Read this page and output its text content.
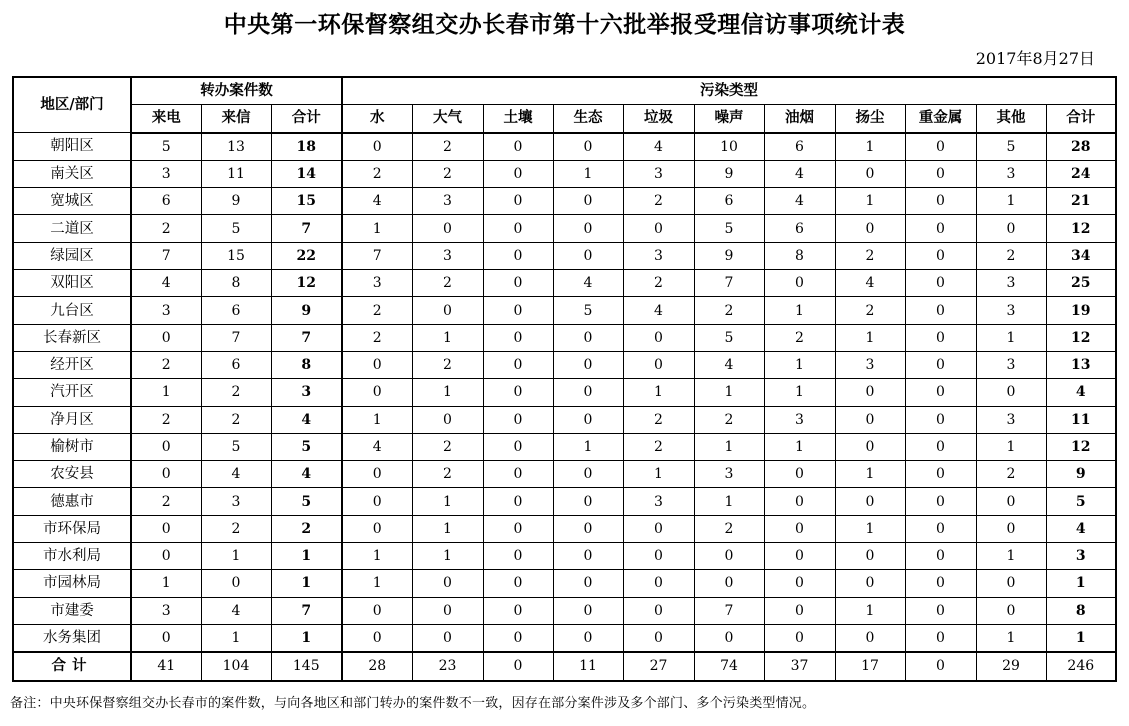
中央第一环保督察组交办长春市第十六批举报受理信访事项统计表
2017年8月27日
地区/部门	转办案件数			污染类型										
	来电	来信	合计	水	大气	土壤	生态	垃圾	噪声	油烟	扬尘	重金属	其他	合计
朝阳区	5	13	18	0	2	0	0	4	10	6	1	0	5	28
南关区	3	11	14	2	2	0	1	3	9	4	0	0	3	24
宽城区	6	9	15	4	3	0	0	2	6	4	1	0	1	21
二道区	2	5	7	1	0	0	0	0	5	6	0	0	0	12
绿园区	7	15	22	7	3	0	0	3	9	8	2	0	2	34
双阳区	4	8	12	3	2	0	4	2	7	0	4	0	3	25
九台区	3	6	9	2	0	0	5	4	2	1	2	0	3	19
长春新区	0	7	7	2	1	0	0	0	5	2	1	0	1	12
经开区	2	6	8	0	2	0	0	0	4	1	3	0	3	13
汽开区	1	2	3	0	1	0	0	1	1	1	0	0	0	4
净月区	2	2	4	1	0	0	0	2	2	3	0	0	3	11
榆树市	0	5	5	4	2	0	1	2	1	1	0	0	1	12
农安县	0	4	4	0	2	0	0	1	3	0	1	0	2	9
德惠市	2	3	5	0	1	0	0	3	1	0	0	0	0	5
市环保局	0	2	2	0	1	0	0	0	2	0	1	0	0	4
市水利局	0	1	1	1	1	0	0	0	0	0	0	0	1	3
市园林局	1	0	1	1	0	0	0	0	0	0	0	0	0	1
市建委	3	4	7	0	0	0	0	0	7	0	1	0	0	8
水务集团	0	1	1	0	0	0	0	0	0	0	0	0	1	1
合计	41	104	145	28	23	0	11	27	74	37	17	0	29	246
备注：中央环保督察组交办长春市的案件数，与向各地区和部门转办的案件数不一致，因存在部分案件涉及多个部门、多个污染类型情况。
